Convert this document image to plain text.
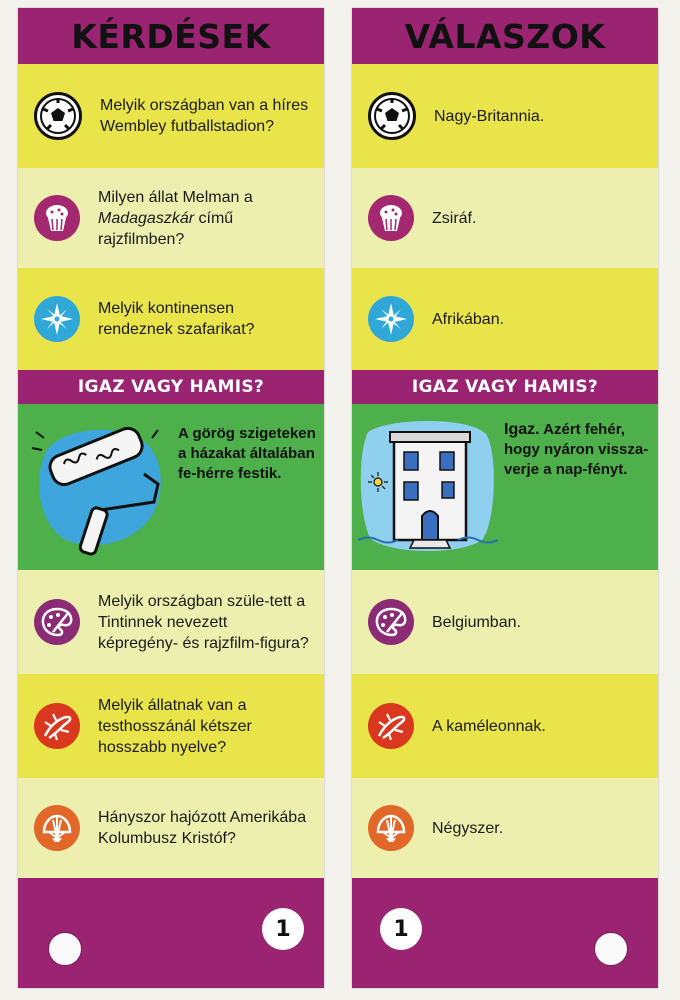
KÉRDÉSEK
Melyik országban van a híres Wembley futballstadion?
Milyen állat Melman a Madagaszkár című rajzfilmben?
Melyik kontinensen rendeznek szafarikat?
IGAZ VAGY HAMIS?
A görög szigeteken a házakat általában fe-hérre festik.
Melyik országban szüle-tett a Tintinnek nevezett képregény- és rajzfilm-figura?
Melyik állatnak van a testhosszánál kétszer hosszabb nyelve?
Hányszor hajózott Amerikába Kolumbusz Kristóf?
1
VÁLASZOK
Nagy-Britannia.
Zsiráf.
Afrikában.
IGAZ VAGY HAMIS?
Igaz. Azért fehér, hogy nyáron vissza-verje a nap-fényt.
Belgiumban.
A kaméleonnak.
Négyszer.
1
